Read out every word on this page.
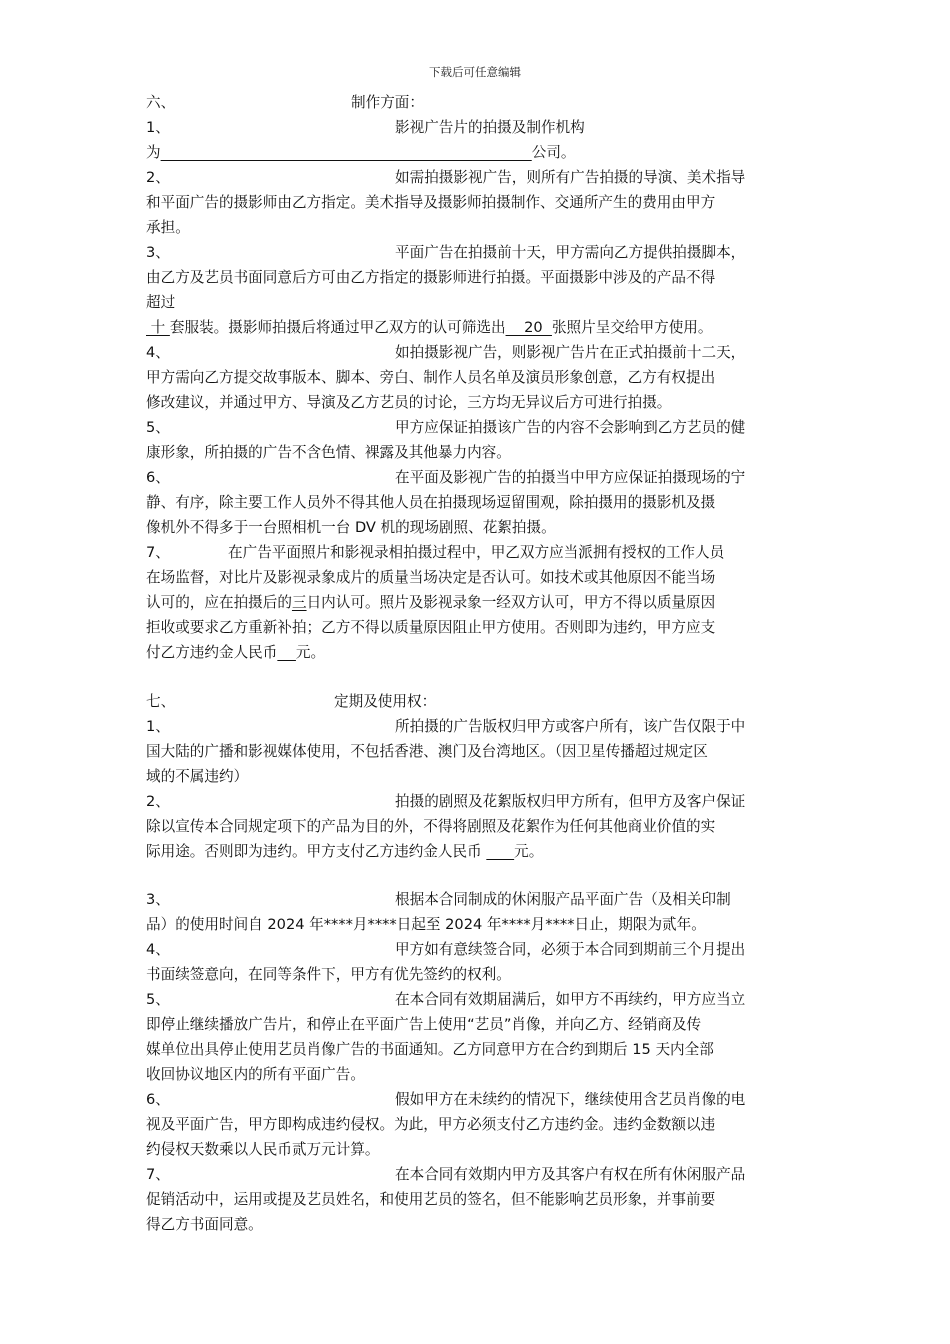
下载后可任意编辑
六、	制作方面：
1、	影视广告片的拍摄及制作机构
为	公司。
2、	如需拍摄影视广告，则所有广告拍摄的导演、美术指导
和平面广告的摄影师由乙方指定。美术指导及摄影师拍摄制作、交通所产生的费用由甲方
承担。
3、	平面广告在拍摄前十天，甲方需向乙方提供拍摄脚本，
由乙方及艺员书面同意后方可由乙方指定的摄影师进行拍摄。平面摄影中涉及的产品不得
超过
十 套服装。摄影师拍摄后将通过甲乙双方的认可筛选出    20  张照片呈交给甲方使用。
4、	如拍摄影视广告，则影视广告片在正式拍摄前十二天，
甲方需向乙方提交故事版本、脚本、旁白、制作人员名单及演员形象创意，乙方有权提出
修改建议，并通过甲方、导演及乙方艺员的讨论，三方均无异议后方可进行拍摄。
5、	甲方应保证拍摄该广告的内容不会影响到乙方艺员的健
康形象，所拍摄的广告不含色情、裸露及其他暴力内容。
6、	在平面及影视广告的拍摄当中甲方应保证拍摄现场的宁
静、有序，除主要工作人员外不得其他人员在拍摄现场逗留围观，除拍摄用的摄影机及摄
像机外不得多于一台照相机一台 DV 机的现场剧照、花絮拍摄。
7、	在广告平面照片和影视录相拍摄过程中，甲乙双方应当派拥有授权的工作人员
在场监督，对比片及影视录象成片的质量当场决定是否认可。如技术或其他原因不能当场
认可的，应在拍摄后的三日内认可。照片及影视录象一经双方认可，甲方不得以质量原因
拒收或要求乙方重新补拍；乙方不得以质量原因阻止甲方使用。否则即为违约，甲方应支
付乙方违约金人民币 元。
七、	定期及使用权：
1、	所拍摄的广告版权归甲方或客户所有，该广告仅限于中
国大陆的广播和影视媒体使用，不包括香港、澳门及台湾地区。（因卫星传播超过规定区
域的不属违约）
2、	拍摄的剧照及花絮版权归甲方所有，但甲方及客户保证
除以宣传本合同规定项下的产品为目的外，不得将剧照及花絮作为任何其他商业价值的实
际用途。否则即为违约。甲方支付乙方违约金人民币       元。
3、	根据本合同制成的休闲服产品平面广告（及相关印制
品）的使用时间自 2024 年****月****日起至 2024 年****月****日止，期限为贰年。
4、	甲方如有意续签合同，必须于本合同到期前三个月提出
书面续签意向，在同等条件下，甲方有优先签约的权利。
5、	在本合同有效期届满后，如甲方不再续约，甲方应当立
即停止继续播放广告片，和停止在平面广告上使用“艺员”肖像，并向乙方、经销商及传
媒单位出具停止使用艺员肖像广告的书面通知。乙方同意甲方在合约到期后 15 天内全部
收回协议地区内的所有平面广告。
6、	假如甲方在未续约的情况下，继续使用含艺员肖像的电
视及平面广告，甲方即构成违约侵权。为此，甲方必须支付乙方违约金。违约金数额以违
约侵权天数乘以人民币贰万元计算。
7、	在本合同有效期内甲方及其客户有权在所有休闲服产品
促销活动中，运用或提及艺员姓名，和使用艺员的签名，但不能影响艺员形象，并事前要
得乙方书面同意。
